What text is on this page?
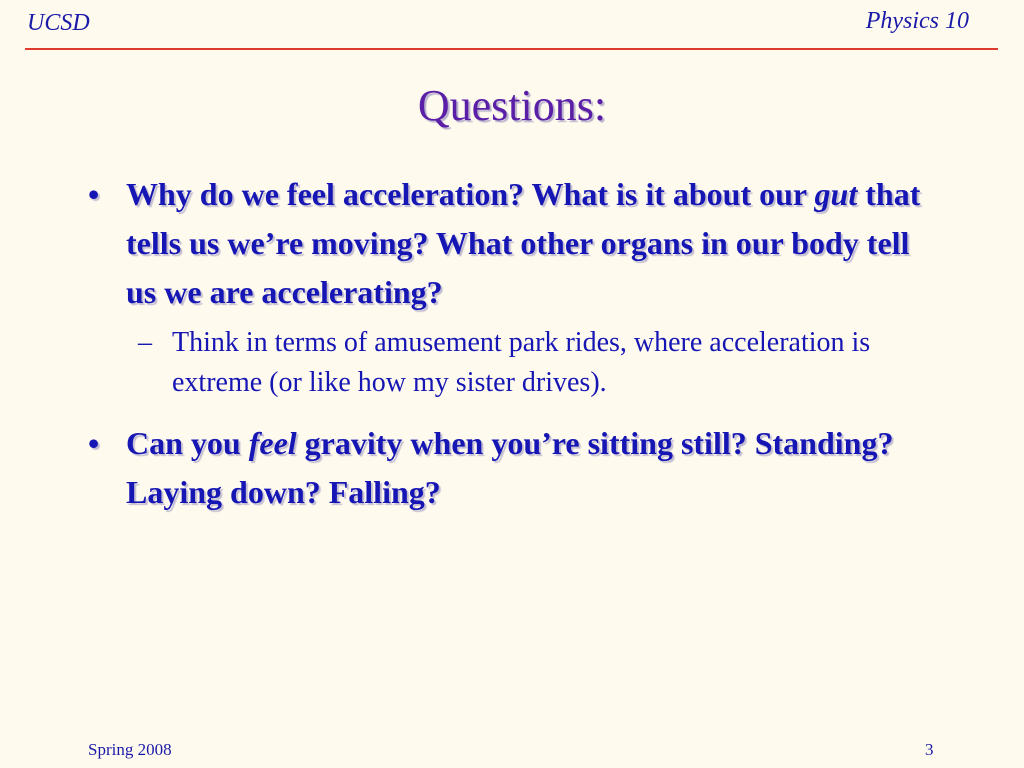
UCSD	Physics 10
Questions:
• Why do we feel acceleration? What is it about our gut that tells us we’re moving? What other organs in our body tell us we are accelerating?
– Think in terms of amusement park rides, where acceleration is extreme (or like how my sister drives).
• Can you feel gravity when you’re sitting still? Standing? Laying down? Falling?
Spring 2008	3
